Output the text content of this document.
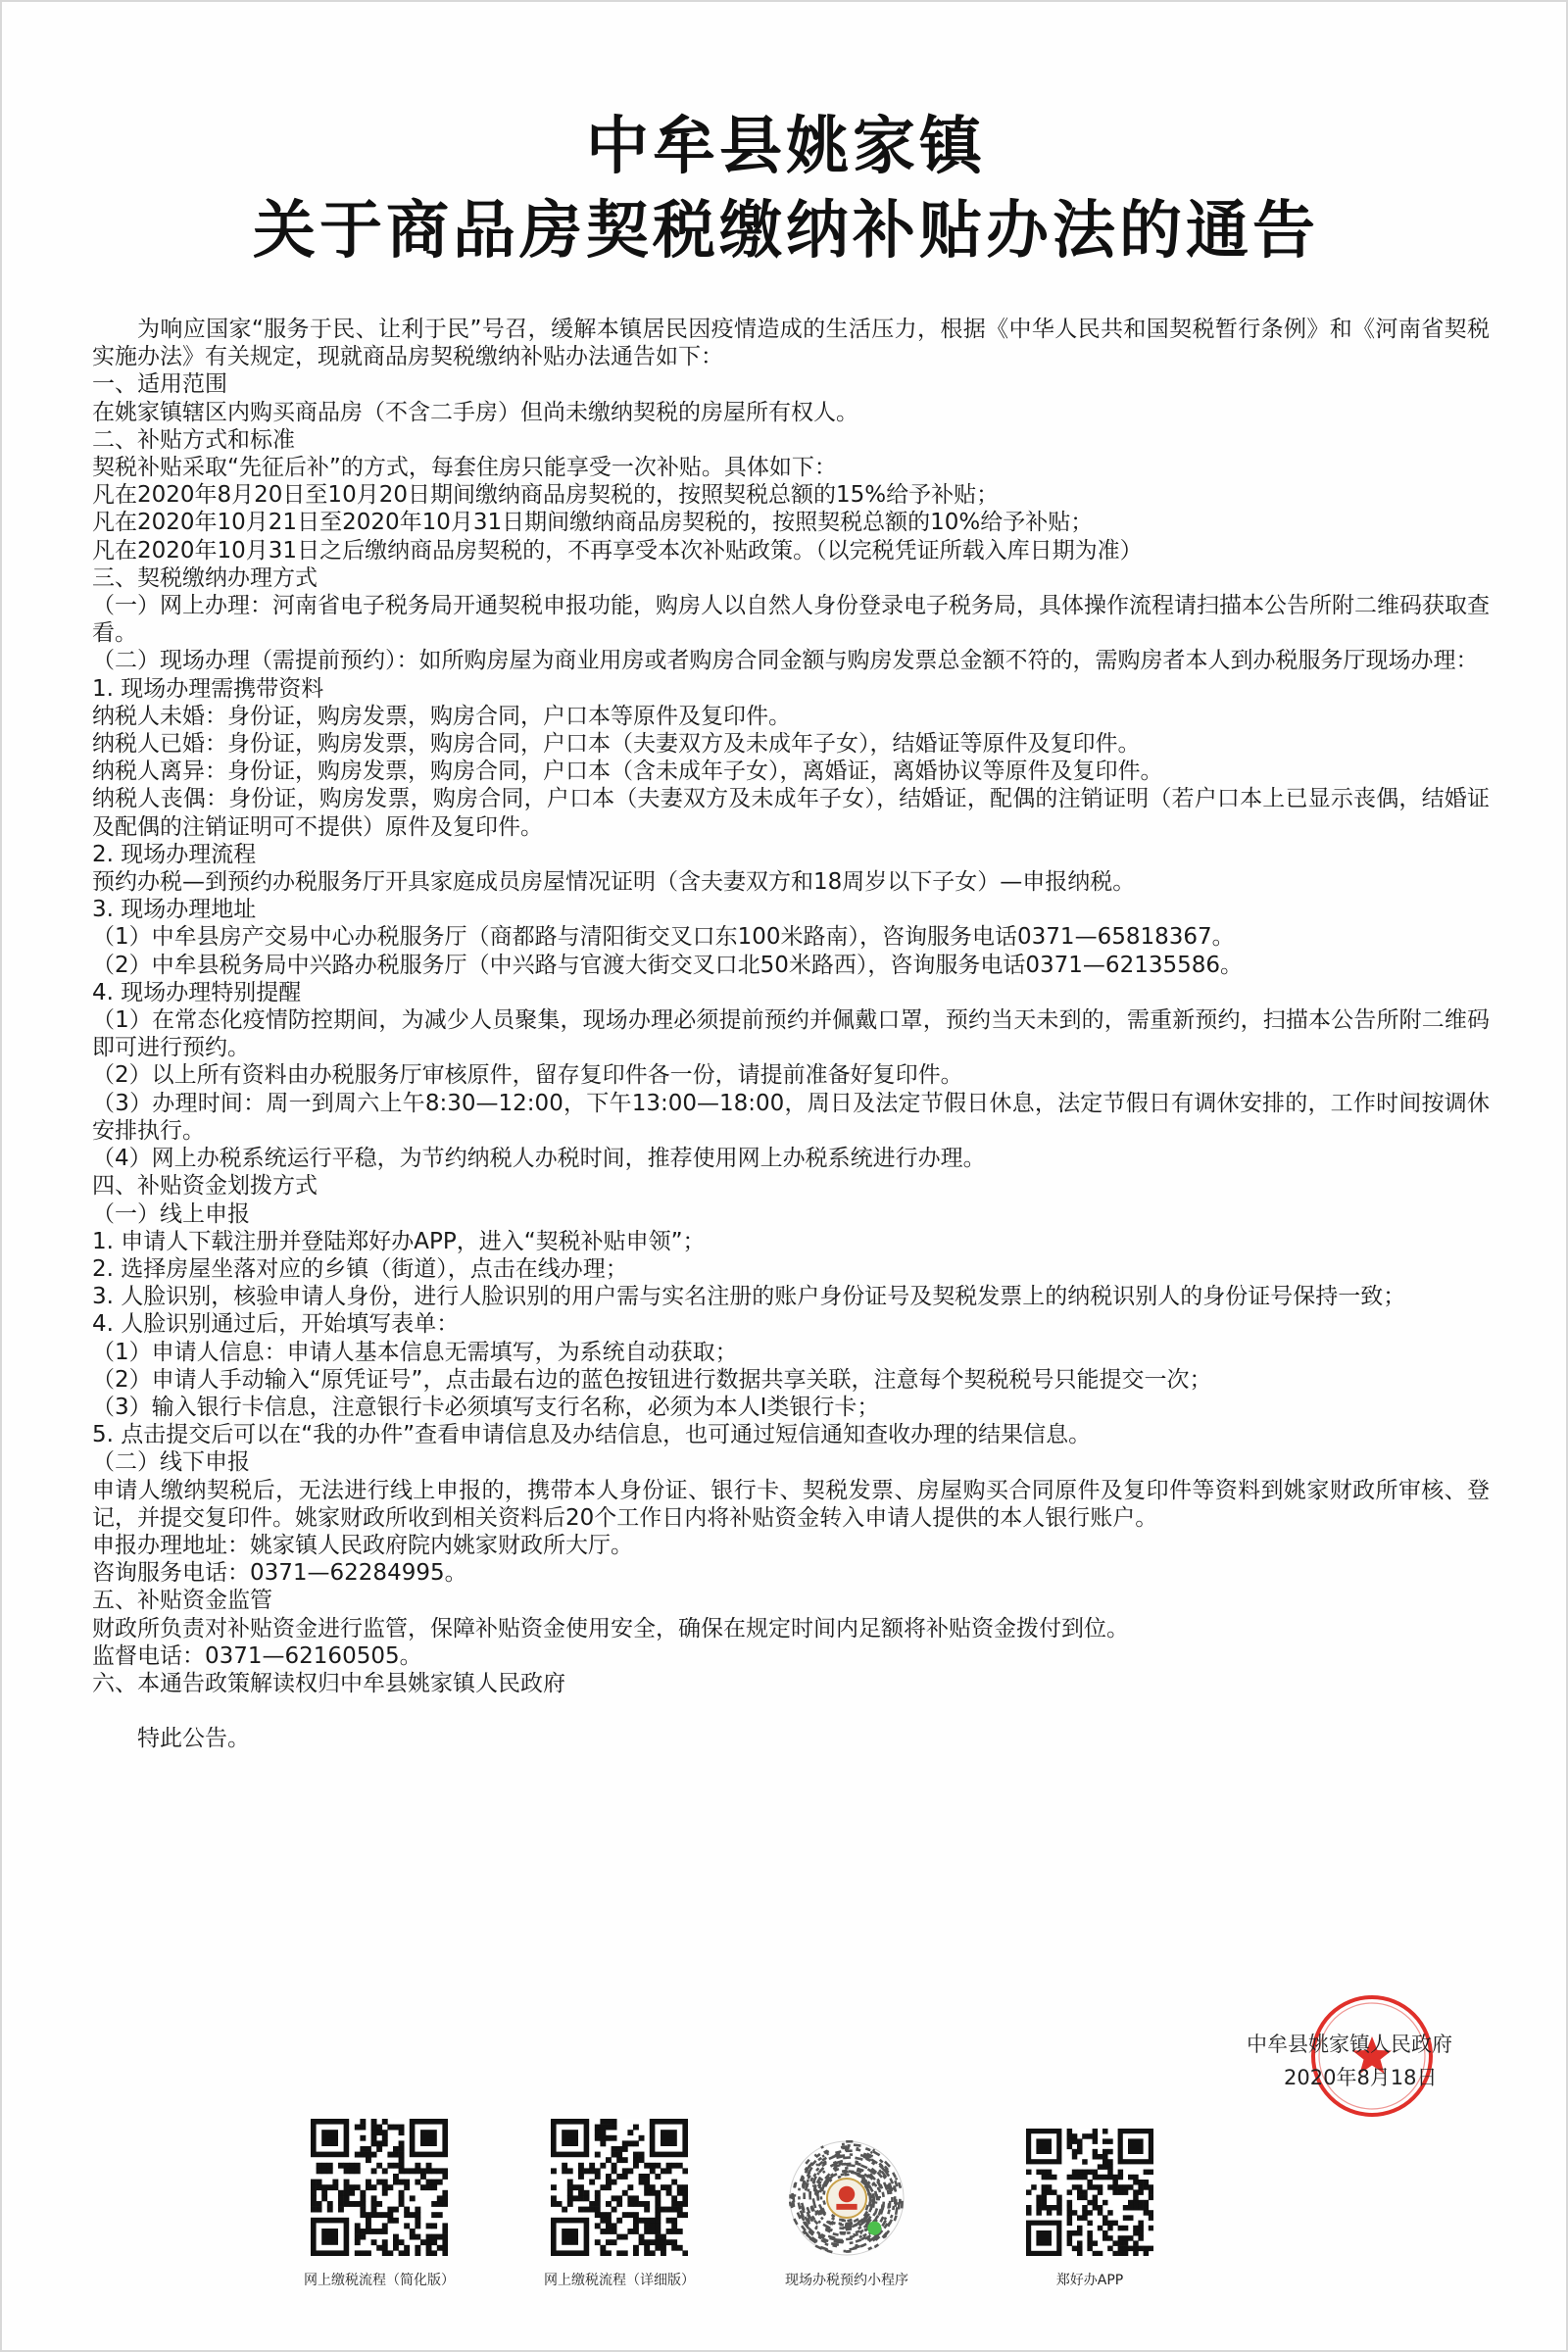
中牟县姚家镇
关于商品房契税缴纳补贴办法的通告

为响应国家“服务于民、让利于民”号召，缓解本镇居民因疫情造成的生活压力，根据《中华人民共和国契税暂行条例》和《河南省契税实施办法》有关规定，现就商品房契税缴纳补贴办法通告如下：

一、适用范围

在姚家镇辖区内购买商品房（不含二手房）但尚未缴纳契税的房屋所有权人。

二、补贴方式和标准

契税补贴采取“先征后补”的方式，每套住房只能享受一次补贴。具体如下：

凡在2020年8月20日至10月20日期间缴纳商品房契税的，按照契税总额的15%给予补贴；

凡在2020年10月21日至2020年10月31日期间缴纳商品房契税的，按照契税总额的10%给予补贴；

凡在2020年10月31日之后缴纳商品房契税的，不再享受本次补贴政策。（以完税凭证所载入库日期为准）

三、契税缴纳办理方式

（一）网上办理：河南省电子税务局开通契税申报功能，购房人以自然人身份登录电子税务局，具体操作流程请扫描本公告所附二维码获取查看。

（二）现场办理（需提前预约）：如所购房屋为商业用房或者购房合同金额与购房发票总金额不符的，需购房者本人到办税服务厅现场办理：

1. 现场办理需携带资料

纳税人未婚：身份证，购房发票，购房合同，户口本等原件及复印件。

纳税人已婚：身份证，购房发票，购房合同，户口本（夫妻双方及未成年子女），结婚证等原件及复印件。

纳税人离异：身份证，购房发票，购房合同，户口本（含未成年子女），离婚证，离婚协议等原件及复印件。

纳税人丧偶：身份证，购房发票，购房合同，户口本（夫妻双方及未成年子女），结婚证，配偶的注销证明（若户口本上已显示丧偶，结婚证及配偶的注销证明可不提供）原件及复印件。

2. 现场办理流程

预约办税—到预约办税服务厅开具家庭成员房屋情况证明（含夫妻双方和18周岁以下子女）—申报纳税。

3. 现场办理地址

（1）中牟县房产交易中心办税服务厅（商都路与清阳街交叉口东100米路南），咨询服务电话0371—65818367。

（2）中牟县税务局中兴路办税服务厅（中兴路与官渡大街交叉口北50米路西），咨询服务电话0371—62135586。

4. 现场办理特别提醒

（1）在常态化疫情防控期间，为减少人员聚集，现场办理必须提前预约并佩戴口罩，预约当天未到的，需重新预约，扫描本公告所附二维码即可进行预约。

（2）以上所有资料由办税服务厅审核原件，留存复印件各一份，请提前准备好复印件。

（3）办理时间：周一到周六上午8:30—12:00，下午13:00—18:00，周日及法定节假日休息，法定节假日有调休安排的，工作时间按调休安排执行。

（4）网上办税系统运行平稳，为节约纳税人办税时间，推荐使用网上办税系统进行办理。

四、补贴资金划拨方式

（一）线上申报

1. 申请人下载注册并登陆郑好办APP，进入“契税补贴申领”；

2. 选择房屋坐落对应的乡镇（街道），点击在线办理；

3. 人脸识别，核验申请人身份，进行人脸识别的用户需与实名注册的账户身份证号及契税发票上的纳税识别人的身份证号保持一致；

4. 人脸识别通过后，开始填写表单：

（1）申请人信息：申请人基本信息无需填写，为系统自动获取；

（2）申请人手动输入“原凭证号”，点击最右边的蓝色按钮进行数据共享关联，注意每个契税税号只能提交一次；

（3）输入银行卡信息，注意银行卡必须填写支行名称，必须为本人I类银行卡；

5. 点击提交后可以在“我的办件”查看申请信息及办结信息，也可通过短信通知查收办理的结果信息。

（二）线下申报

申请人缴纳契税后，无法进行线上申报的，携带本人身份证、银行卡、契税发票、房屋购买合同原件及复印件等资料到姚家财政所审核、登记，并提交复印件。姚家财政所收到相关资料后20个工作日内将补贴资金转入申请人提供的本人银行账户。

申报办理地址：姚家镇人民政府院内姚家财政所大厅。

咨询服务电话：0371—62284995。

五、补贴资金监管

财政所负责对补贴资金进行监管，保障补贴资金使用安全，确保在规定时间内足额将补贴资金拨付到位。

监督电话：0371—62160505。

六、本通告政策解读权归中牟县姚家镇人民政府

特此公告。

中牟县姚家镇人民政府
2020年8月18日
网上缴税流程（简化版）	网上缴税流程（详细版）	现场办税预约小程序	郑好办APP
